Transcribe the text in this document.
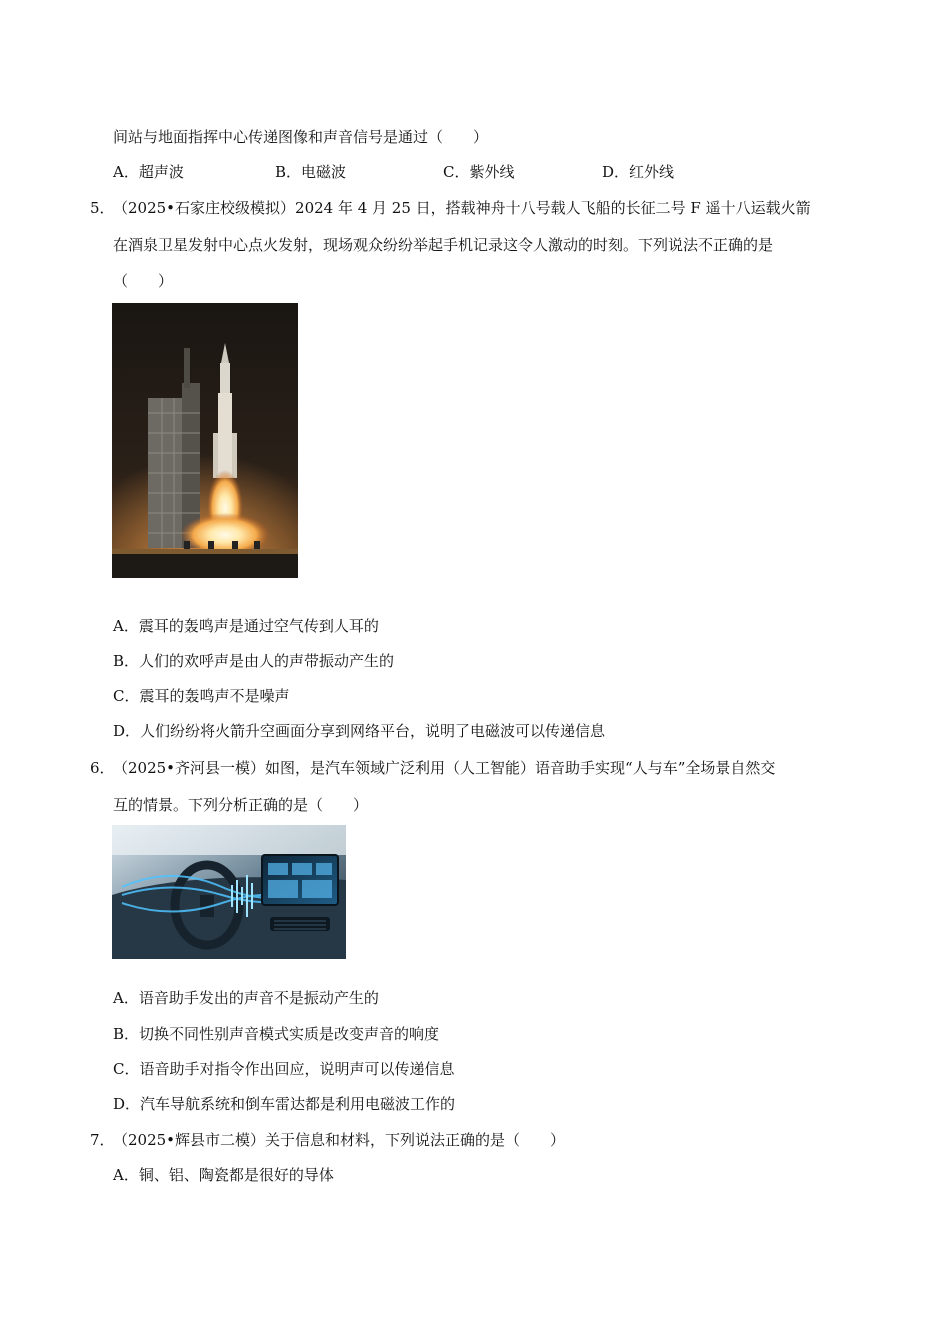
间站与地面指挥中心传递图像和声音信号是通过（　　）
A．超声波	B．电磁波	C．紫外线	D．红外线
5．
（2025•石家庄校级模拟）2024 年 4 月 25 日，搭载神舟十八号载人飞船的长征二号 F 遥十八运载火箭
在酒泉卫星发射中心点火发射，现场观众纷纷举起手机记录这令人激动的时刻。下列说法不正确的是
（　　）
A．震耳的轰鸣声是通过空气传到人耳的
B．人们的欢呼声是由人的声带振动产生的
C．震耳的轰鸣声不是噪声
D．人们纷纷将火箭升空画面分享到网络平台，说明了电磁波可以传递信息
6．
（2025•齐河县一模）如图，是汽车领域广泛利用（人工智能）语音助手实现“人与车”全场景自然交
互的情景。下列分析正确的是（　　）
A．语音助手发出的声音不是振动产生的
B．切换不同性别声音模式实质是改变声音的响度
C．语音助手对指令作出回应，说明声可以传递信息
D．汽车导航系统和倒车雷达都是利用电磁波工作的
7．
（2025•辉县市二模）关于信息和材料，下列说法正确的是（　　）
A．铜、铝、陶瓷都是很好的导体
